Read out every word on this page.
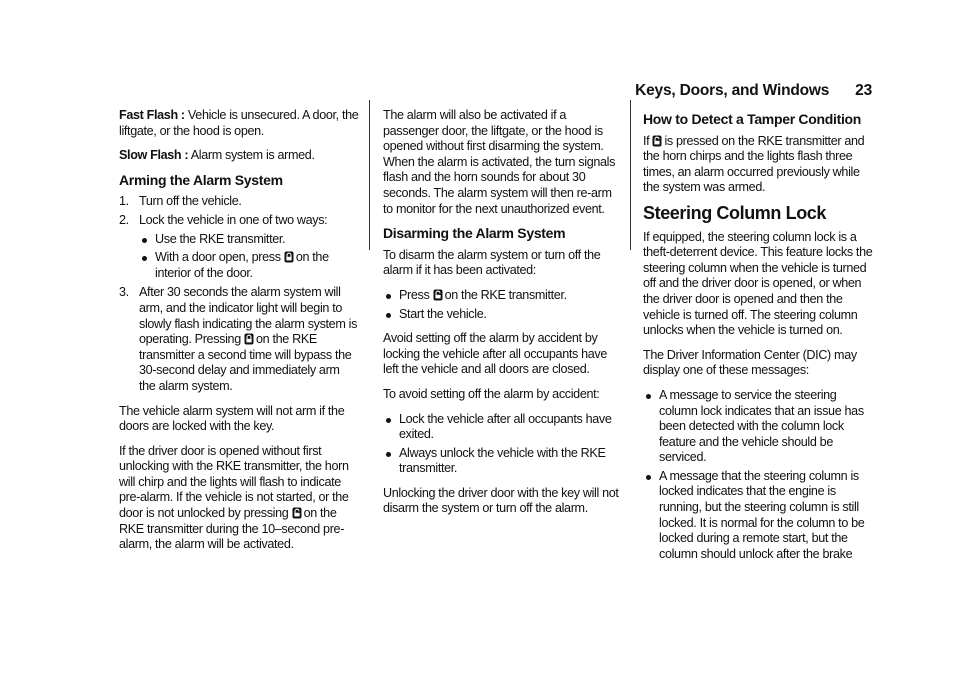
Keys, Doors, and Windows 23

Fast Flash : Vehicle is unsecured. A door, the liftgate, or the hood is open.

Slow Flash : Alarm system is armed.

Arming the Alarm System
1. Turn off the vehicle.
2. Lock the vehicle in one of two ways:
Use the RKE transmitter.
With a door open, press
on the interior of the door.
3. After 30 seconds the alarm system will arm, and the indicator light will begin to slowly flash indicating the alarm system is operating. Pressing
on the RKE transmitter a second time will bypass the 30-second delay and immediately arm the alarm system.

The vehicle alarm system will not arm if the doors are locked with the key.

If the driver door is opened without first unlocking with the RKE transmitter, the horn will chirp and the lights will flash to indicate pre-alarm. If the vehicle is not started, or the door is not unlocked by pressing
on the RKE transmitter during the 10–second pre-alarm, the alarm will be activated.

The alarm will also be activated if a passenger door, the liftgate, or the hood is opened without first disarming the system. When the alarm is activated, the turn signals flash and the horn sounds for about 30 seconds. The alarm system will then re-arm to monitor for the next unauthorized event.

Disarming the Alarm System

To disarm the alarm system or turn off the alarm if it has been activated:

Press
on the RKE transmitter.
Start the vehicle.

Avoid setting off the alarm by accident by locking the vehicle after all occupants have left the vehicle and all doors are closed.

To avoid setting off the alarm by accident:

Lock the vehicle after all occupants have exited.
Always unlock the vehicle with the RKE transmitter.

Unlocking the driver door with the key will not disarm the system or turn off the alarm.

How to Detect a Tamper Condition

If
is pressed on the RKE transmitter and the horn chirps and the lights flash three times, an alarm occurred previously while the system was armed.

Steering Column Lock

If equipped, the steering column lock is a theft-deterrent device. This feature locks the steering column when the vehicle is turned off and the driver door is opened, or when the driver door is opened and then the vehicle is turned off. The steering column unlocks when the vehicle is turned on.

The Driver Information Center (DIC) may display one of these messages:

A message to service the steering column lock indicates that an issue has been detected with the column lock feature and the vehicle should be serviced.
A message that the steering column is locked indicates that the engine is running, but the steering column is still locked. It is normal for the column to be locked during a remote start, but the column should unlock after the brake
